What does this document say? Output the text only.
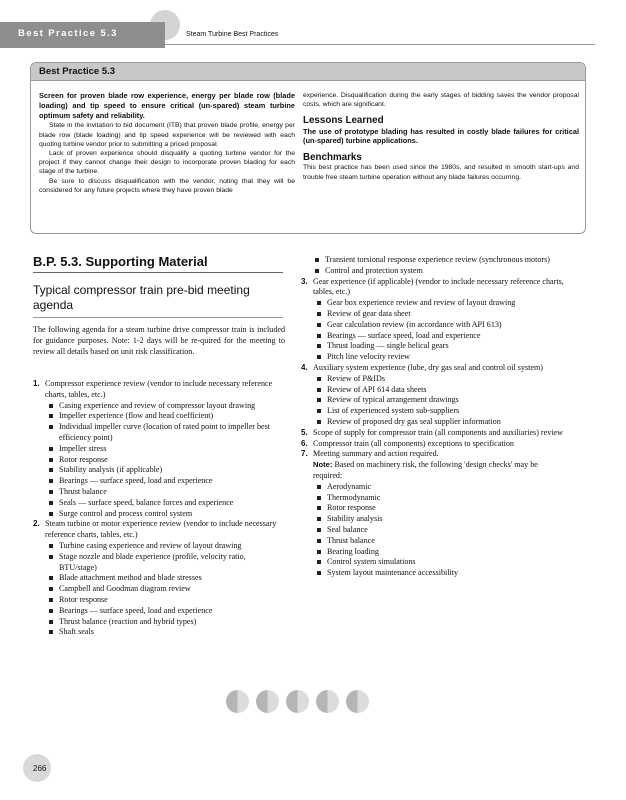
Best Practice 5.3	Steam Turbine Best Practices
Best Practice 5.3
Screen for proven blade row experience, energy per blade row (blade loading) and tip speed to ensure critical (un-spared) steam turbine optimum safety and reliability.
State in the invitation to bid document (ITB) that proven blade profile, energy per blade row (blade loading) and tip speed experience will be reviewed with each quoting turbine vendor prior to submitting a priced proposal.
Lack of proven experience should disqualify a quoting turbine vendor for the project if they cannot change their design to incorporate proven blading for each stage of the turbine.
Be sure to discuss disqualification with the vendor, noting that they will be considered for any future projects where they have proven blade
experience. Disqualification during the early stages of bidding saves the vendor proposal costs, which are significant.
Lessons Learned
The use of prototype blading has resulted in costly blade failures for critical (un-spared) turbine applications.
Benchmarks
This best practice has been used since the 1980s, and resulted in smooth start-ups and trouble free steam turbine operation without any blade failures occurring.
B.P. 5.3. Supporting Material
Typical compressor train pre-bid meeting agenda
The following agenda for a steam turbine drive compressor train is included for guidance purposes. Note: 1-2 days will be re-quired for the meeting to review all details based on unit risk classification.
1. Compressor experience review (vendor to include necessary reference charts, tables, etc.)
Casing experience and review of compressor layout drawing
Impeller experience (flow and head coefficient)
Individual impeller curve (location of rated point to impeller best efficiency point)
Impeller stress
Rotor response
Stability analysis (if applicable)
Bearings — surface speed, load and experience
Thrust balance
Seals — surface speed, balance forces and experience
Surge control and process control system
2. Steam turbine or motor experience review (vendor to include necessary reference charts, tables, etc.)
Turbine casing experience and review of layout drawing
Stage nozzle and blade experience (profile, velocity ratio, BTU/stage)
Blade attachment method and blade stresses
Campbell and Goodman diagram review
Rotor response
Bearings — surface speed, load and experience
Thrust balance (reaction and hybrid types)
Shaft seals
Transient torsional response experience review (synchronous motors)
Control and protection system
3. Gear experience (if applicable) (vendor to include necessary reference charts, tables, etc.)
Gear box experience review and review of layout drawing
Review of gear data sheet
Gear calculation review (in accordance with API 613)
Bearings — surface speed, load and experience
Thrust loading — single helical gears
Pitch line velocity review
4. Auxiliary system experience (lube, dry gas seal and control oil system)
Review of P&IDs
Review of API 614 data sheets
Review of typical arrangement drawings
List of experienced system sub-suppliers
Review of proposed dry gas seal supplier information
5. Scope of supply for compressor train (all components and auxiliaries) review
6. Compressor train (all components) exceptions to specification
7. Meeting summary and action required.
Note: Based on machinery risk, the following 'design checks' may be required:
Aerodynamic
Thermodynamic
Rotor response
Stability analysis
Seal balance
Thrust balance
Bearing loading
Control system simulations
System layout maintenance accessibility
266
